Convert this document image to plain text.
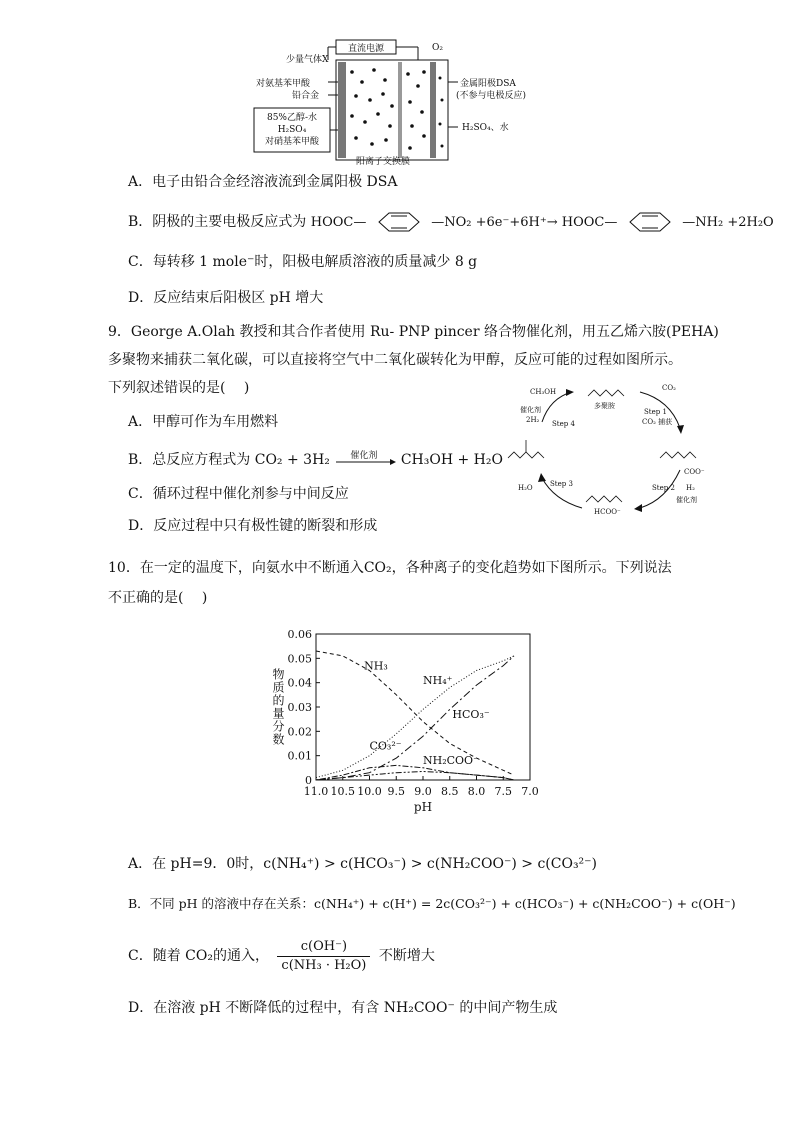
直流电源
少量气体X
对氨基苯甲酸
铅合金
85%乙醇-水
H₂SO₄
对硝基苯甲酸
O₂
金属阳极DSA
(不参与电极反应)
H₂SO₄、水
阳离子交换膜
A．电子由铅合金经溶液流到金属阳极 DSA
B．阴极的主要电极反应式为 HOOC—	—NO₂ +6e⁻+6H⁺→ HOOC—	—NH₂ +2H₂O
C．每转移 1 mole⁻时，阳极电解质溶液的质量减少 8 g
D．反应结束后阳极区 pH 增大
9．George A.Olah 教授和其合作者使用 Ru- PNP pincer 络合物催化剂，用五乙烯六胺(PEHA)
多聚物来捕获二氧化碳，可以直接将空气中二氧化碳转化为甲醇，反应可能的过程如图所示。
下列叙述错误的是(　 )
A．甲醇可作为车用燃料
B．总反应方程式为 CO₂ + 3H₂ 催化剂 CH₃OH + H₂O
C．循环过程中催化剂参与中间反应
D．反应过程中只有极性键的断裂和形成
CH₃OH
催化剂
2H₂ Step 4
多聚胺
CO₂
Step 1
CO₂ 捕获
COO⁻
Step 2 H₂
催化剂
HCOO⁻
H₂O Step 3
10．在一定的温度下，向氨水中不断通入CO₂，各种离子的变化趋势如下图所示。下列说法
不正确的是(　 )
0
0.01
0.02
0.03
0.04
0.05
0.06
11.0 10.5 10.0 9.5 9.0 8.5 8.0 7.5 7.0
pH
物质的量分数
NH₃
NH₄⁺
HCO₃⁻
CO₃²⁻
NH₂COO⁻
A．在 pH=9．0时，c(NH₄⁺) > c(HCO₃⁻) > c(NH₂COO⁻) > c(CO₃²⁻)
B．不同 pH 的溶液中存在关系：c(NH₄⁺) + c(H⁺) = 2c(CO₃²⁻) + c(HCO₃⁻) + c(NH₂COO⁻) + c(OH⁻)
C．随着 CO₂的通入， $\frac{c(OH^-)}{\text{c(NH₃ · H₂O)}}$ 不断增大
D．在溶液 pH 不断降低的过程中，有含 NH₂COO⁻ 的中间产物生成
